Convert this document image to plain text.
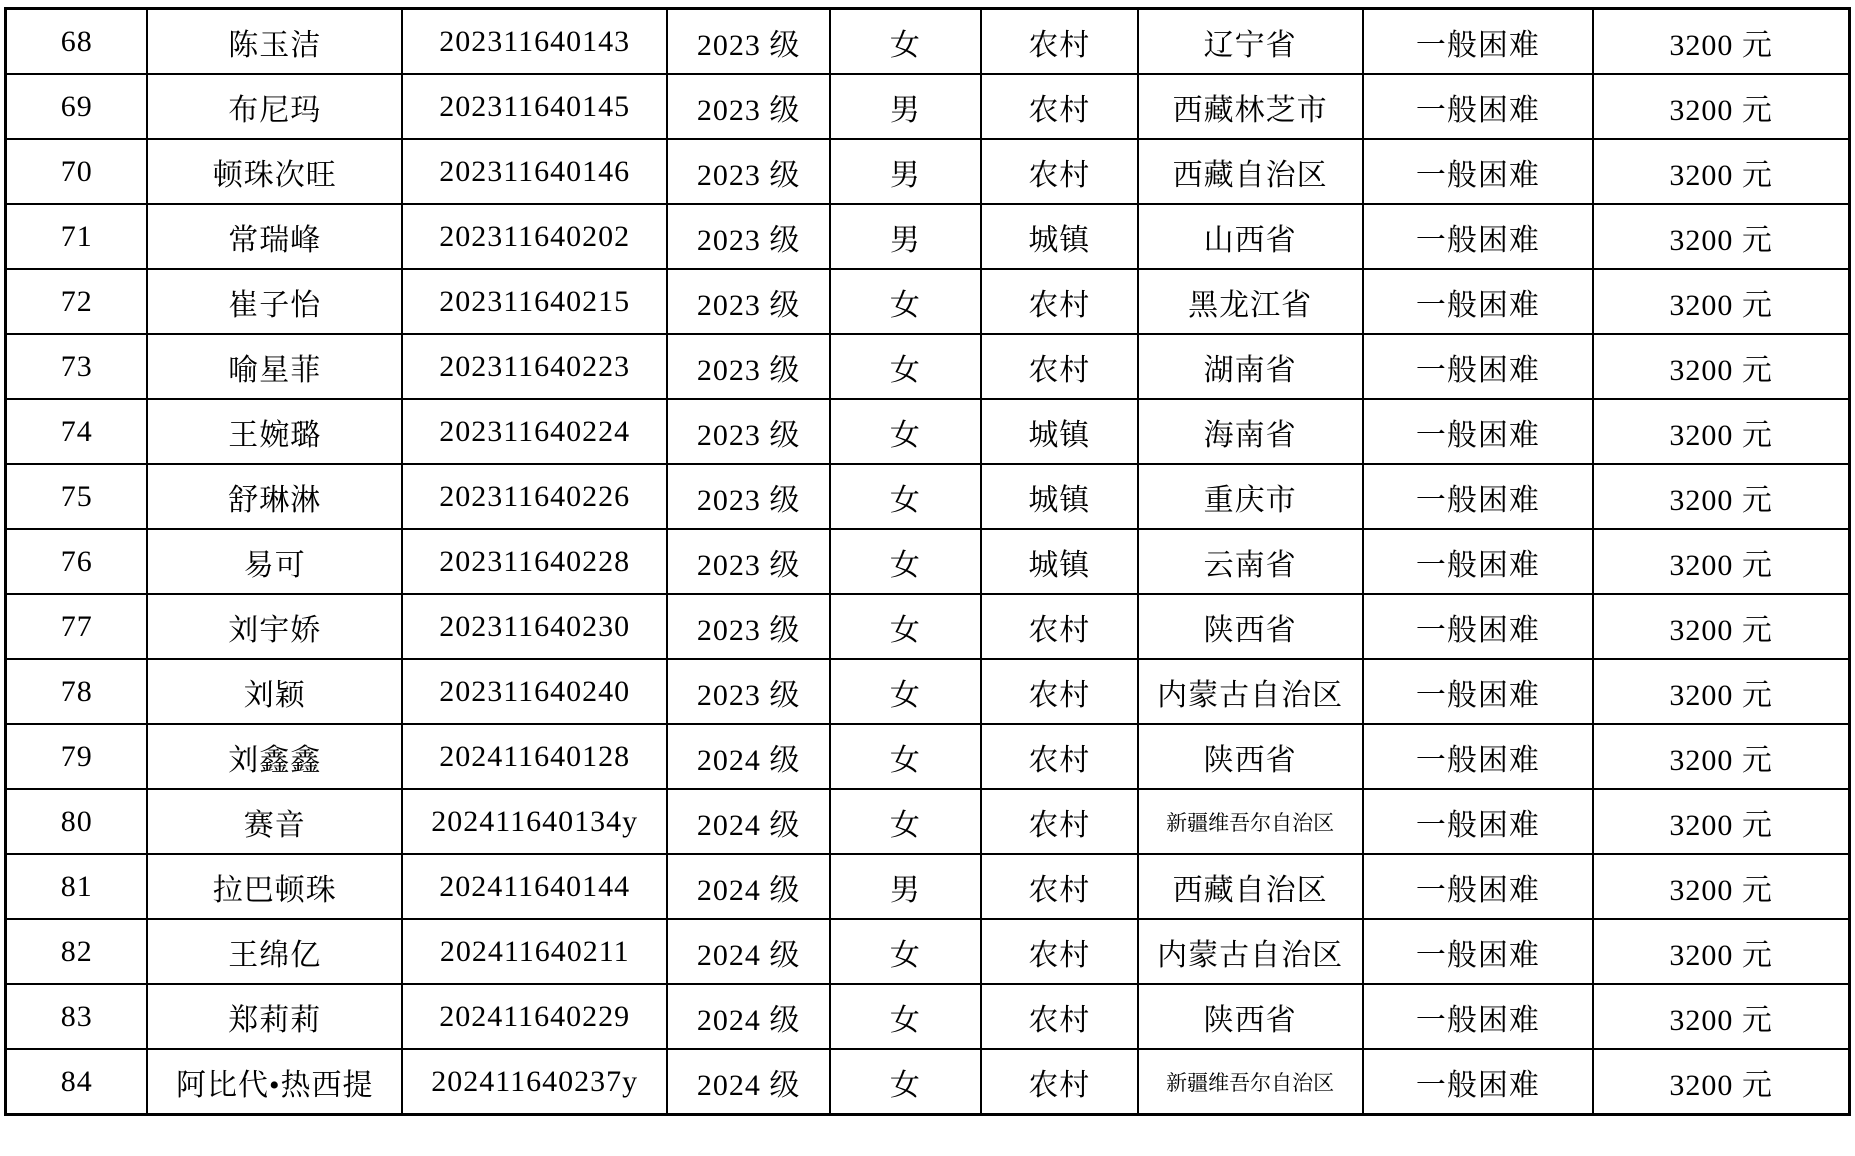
68	陈玉洁	202311640143	2023 级	女	农村	辽宁省	一般困难	3200 元
69	布尼玛	202311640145	2023 级	男	农村	西藏林芝市	一般困难	3200 元
70	顿珠次旺	202311640146	2023 级	男	农村	西藏自治区	一般困难	3200 元
71	常瑞峰	202311640202	2023 级	男	城镇	山西省	一般困难	3200 元
72	崔子怡	202311640215	2023 级	女	农村	黑龙江省	一般困难	3200 元
73	喻星菲	202311640223	2023 级	女	农村	湖南省	一般困难	3200 元
74	王婉璐	202311640224	2023 级	女	城镇	海南省	一般困难	3200 元
75	舒琳淋	202311640226	2023 级	女	城镇	重庆市	一般困难	3200 元
76	易可	202311640228	2023 级	女	城镇	云南省	一般困难	3200 元
77	刘宇娇	202311640230	2023 级	女	农村	陕西省	一般困难	3200 元
78	刘颖	202311640240	2023 级	女	农村	内蒙古自治区	一般困难	3200 元
79	刘鑫鑫	202411640128	2024 级	女	农村	陕西省	一般困难	3200 元
80	赛音	202411640134y	2024 级	女	农村	新疆维吾尔自治区	一般困难	3200 元
81	拉巴顿珠	202411640144	2024 级	男	农村	西藏自治区	一般困难	3200 元
82	王绵亿	202411640211	2024 级	女	农村	内蒙古自治区	一般困难	3200 元
83	郑莉莉	202411640229	2024 级	女	农村	陕西省	一般困难	3200 元
84	阿比代•热西提	202411640237y	2024 级	女	农村	新疆维吾尔自治区	一般困难	3200 元
